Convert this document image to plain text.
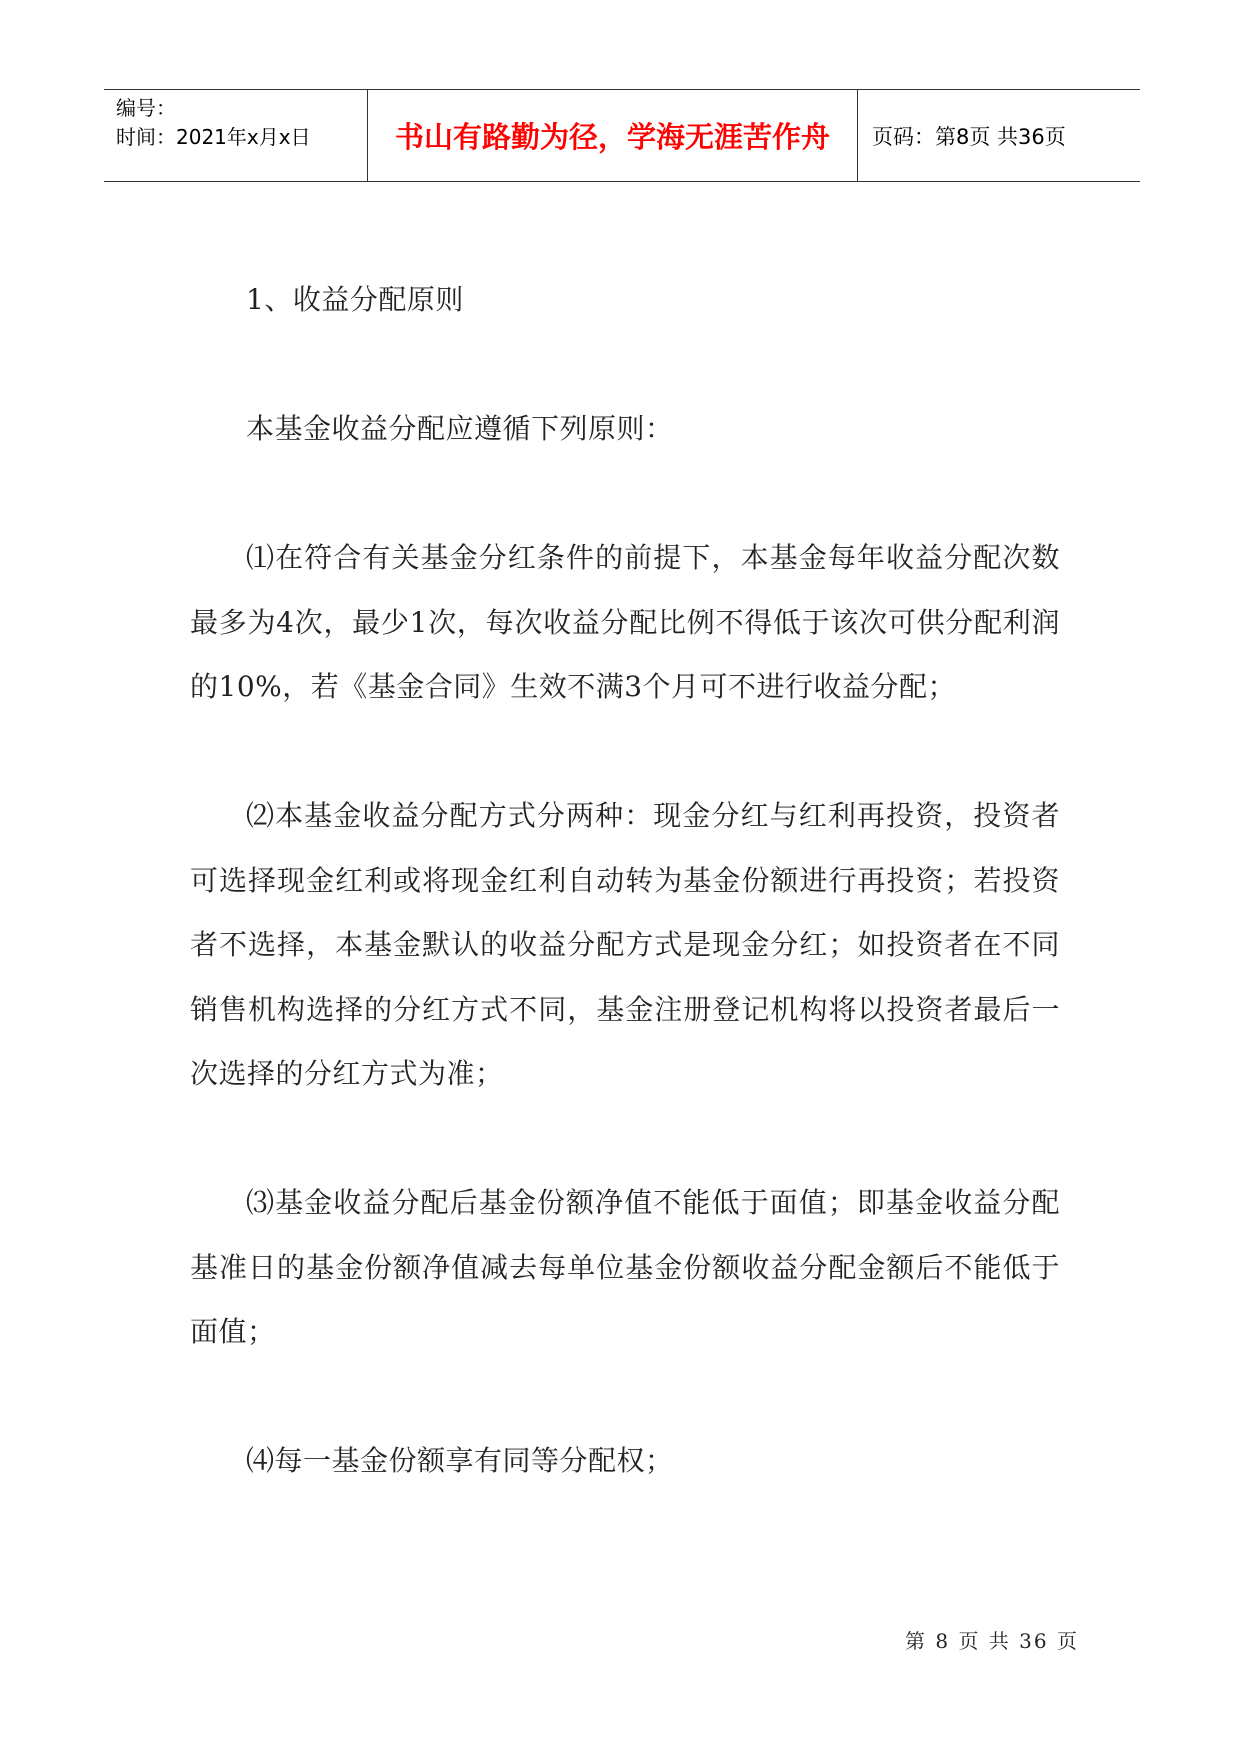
编号：
时间：2021年x月x日	书山有路勤为径，学海无涯苦作舟	页码：第8页 共36页

1、收益分配原则

本基金收益分配应遵循下列原则：

⑴在符合有关基金分红条件的前提下，本基金每年收益分配次数最多为4次，最少1次，每次收益分配比例不得低于该次可供分配利润的10%，若《基金合同》生效不满3个月可不进行收益分配；

⑵本基金收益分配方式分两种：现金分红与红利再投资，投资者可选择现金红利或将现金红利自动转为基金份额进行再投资；若投资者不选择，本基金默认的收益分配方式是现金分红；如投资者在不同销售机构选择的分红方式不同，基金注册登记机构将以投资者最后一次选择的分红方式为准；

⑶基金收益分配后基金份额净值不能低于面值；即基金收益分配基准日的基金份额净值减去每单位基金份额收益分配金额后不能低于面值；

⑷每一基金份额享有同等分配权；

第 8 页 共 36 页
